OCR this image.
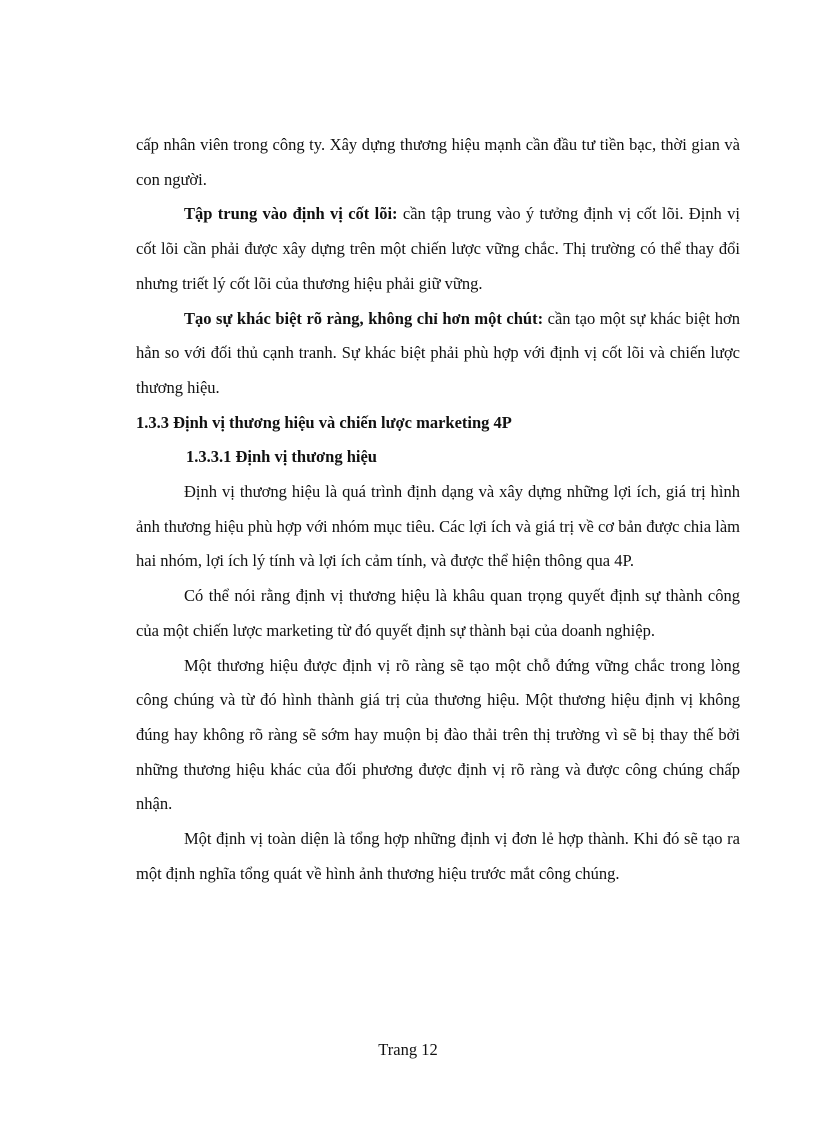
cấp nhân viên trong công ty. Xây dựng thương hiệu mạnh cần đầu tư tiền bạc, thời gian và con người.

Tập trung vào định vị cốt lõi: cần tập trung vào ý tưởng định vị cốt lõi. Định vị cốt lõi cần phải được xây dựng trên một chiến lược vững chắc. Thị trường có thể thay đổi nhưng triết lý cốt lõi của thương hiệu phải giữ vững.

Tạo sự khác biệt rõ ràng, không chỉ hơn một chút: cần tạo một sự khác biệt hơn hẳn so với đối thủ cạnh tranh. Sự khác biệt phải phù hợp với định vị cốt lõi và chiến lược thương hiệu.

1.3.3 Định vị thương hiệu và chiến lược marketing 4P

1.3.3.1 Định vị thương hiệu

Định vị thương hiệu là quá trình định dạng và xây dựng những lợi ích, giá trị hình ảnh thương hiệu phù hợp với nhóm mục tiêu. Các lợi ích và giá trị về cơ bản được chia làm hai nhóm, lợi ích lý tính và lợi ích cảm tính, và được thể hiện thông qua 4P.

Có thể nói rằng định vị thương hiệu là khâu quan trọng quyết định sự thành công của một chiến lược marketing từ đó quyết định sự thành bại của doanh nghiệp.

Một thương hiệu được định vị rõ ràng sẽ tạo một chỗ đứng vững chắc trong lòng công chúng và từ đó hình thành giá trị của thương hiệu. Một thương hiệu định vị không đúng hay không rõ ràng sẽ sớm hay muộn bị đào thải trên thị trường vì sẽ bị thay thế bởi những thương hiệu khác của đối phương được định vị rõ ràng và được công chúng chấp nhận.

Một định vị toàn diện là tổng hợp những định vị đơn lẻ hợp thành. Khi đó sẽ tạo ra một định nghĩa tổng quát về hình ảnh thương hiệu trước mắt công chúng.

Trang 12
